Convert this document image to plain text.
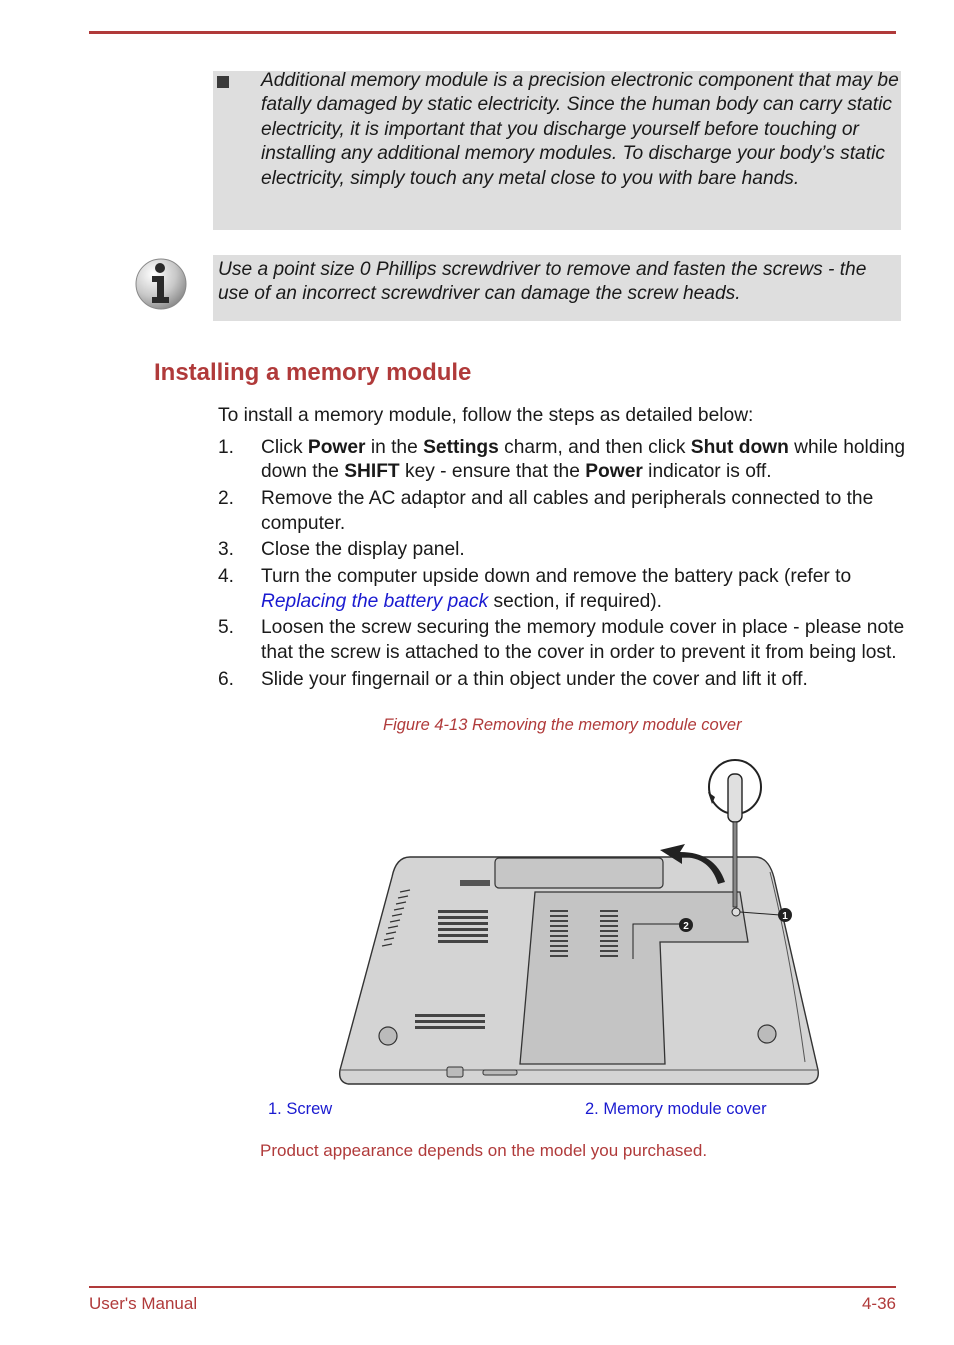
Additional memory module is a precision electronic component that may be fatally damaged by static electricity. Since the human body can carry static electricity, it is important that you discharge yourself before touching or installing any additional memory modules. To discharge your body’s static electricity, simply touch any metal close to you with bare hands.
Use a point size 0 Phillips screwdriver to remove and fasten the screws - the use of an incorrect screwdriver can damage the screw heads.
Installing a memory module
To install a memory module, follow the steps as detailed below:
1. Click Power in the Settings charm, and then click Shut down while holding down the SHIFT key - ensure that the Power indicator is off.
2. Remove the AC adaptor and all cables and peripherals connected to the computer.
3. Close the display panel.
4. Turn the computer upside down and remove the battery pack (refer to Replacing the battery pack section, if required).
5. Loosen the screw securing the memory module cover in place - please note that the screw is attached to the cover in order to prevent it from being lost.
6. Slide your fingernail or a thin object under the cover and lift it off.
Figure 4-13 Removing the memory module cover
1
2
1. Screw	2. Memory module cover
Product appearance depends on the model you purchased.
User's Manual	4-36
